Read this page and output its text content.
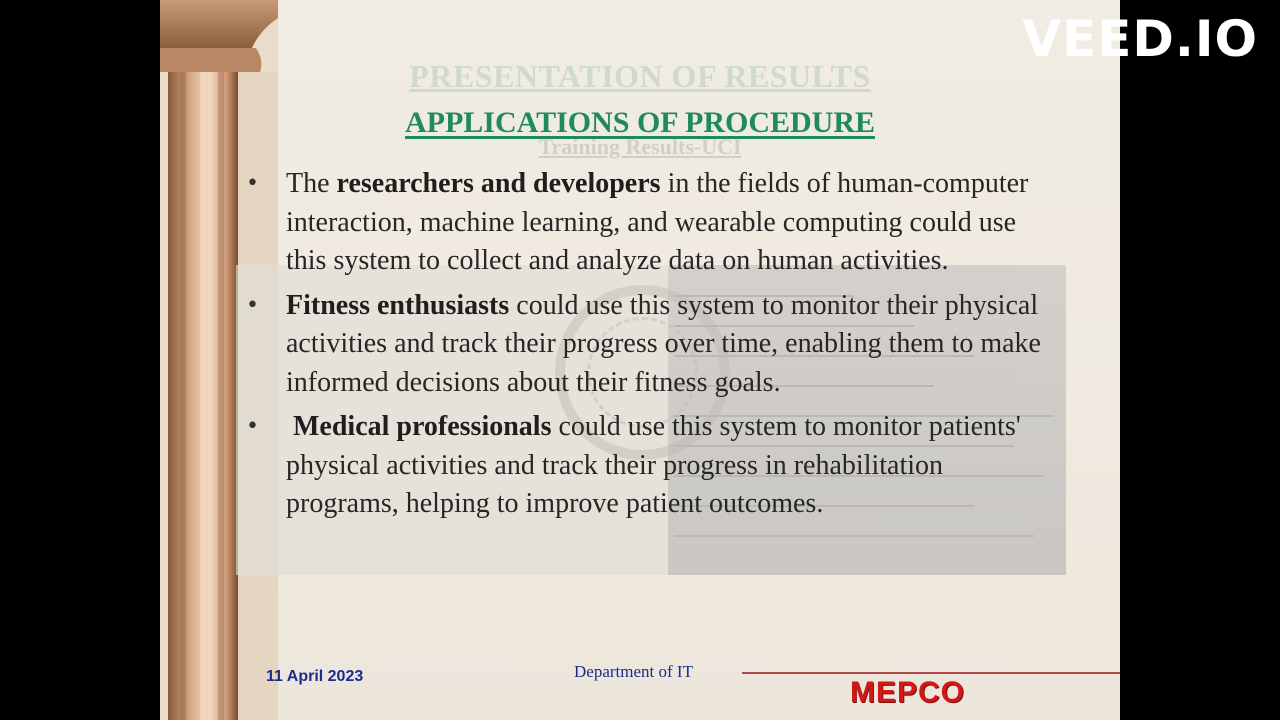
PRESENTATION OF RESULTS
Training Results-UCI
APPLICATIONS OF PROCEDURE
• The researchers and developers in the fields of human-computer interaction, machine learning, and wearable computing could use this system to collect and analyze data on human activities.
• Fitness enthusiasts could use this system to monitor their physical activities and track their progress over time, enabling them to make informed decisions about their fitness goals.
• Medical professionals could use this system to monitor patients' physical activities and track their progress in rehabilitation programs, helping to improve patient outcomes.
11 April 2023	Department of IT
MEPCO
VEED.IO
